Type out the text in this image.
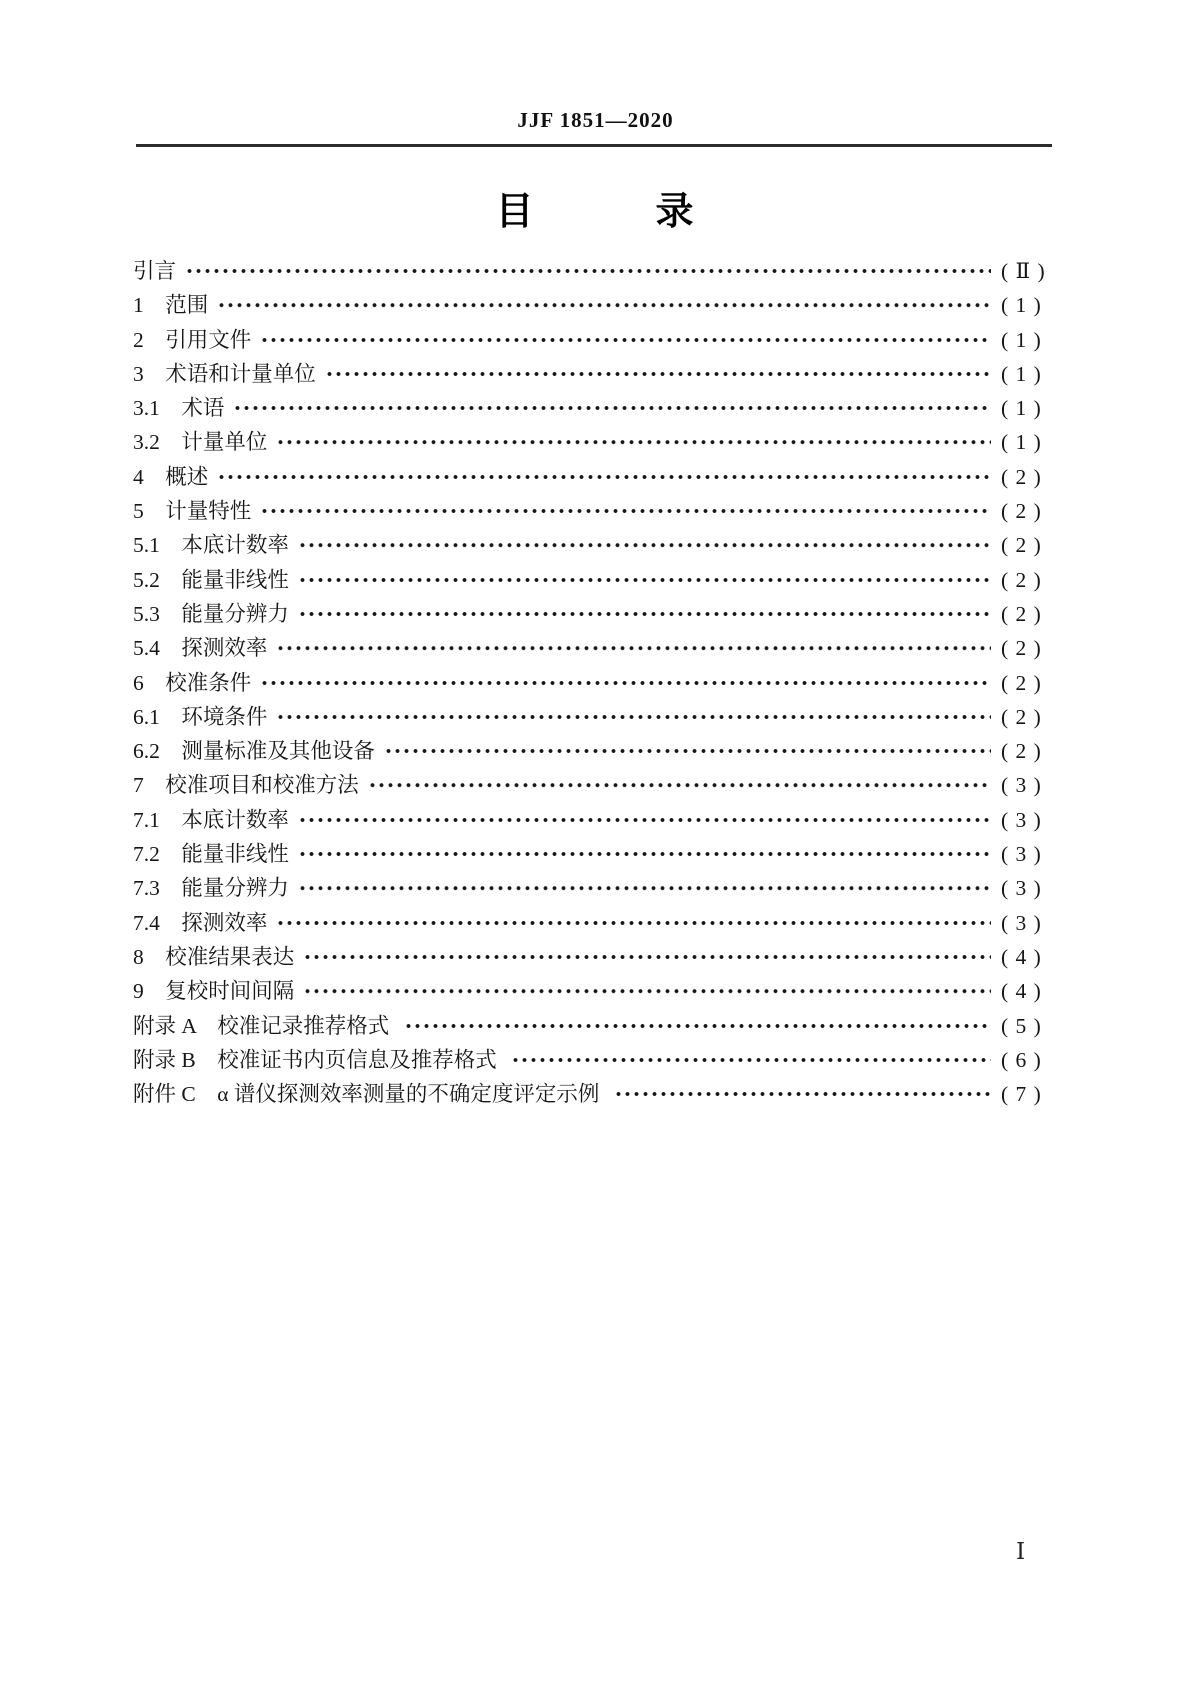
JJF 1851—2020
目　　　录
引言	( Ⅱ )
1　范围	( 1 )
2　引用文件	( 1 )
3　术语和计量单位	( 1 )
3.1　术语	( 1 )
3.2　计量单位	( 1 )
4　概述	( 2 )
5　计量特性	( 2 )
5.1　本底计数率	( 2 )
5.2　能量非线性	( 2 )
5.3　能量分辨力	( 2 )
5.4　探测效率	( 2 )
6　校准条件	( 2 )
6.1　环境条件	( 2 )
6.2　测量标准及其他设备	( 2 )
7　校准项目和校准方法	( 3 )
7.1　本底计数率	( 3 )
7.2　能量非线性	( 3 )
7.3　能量分辨力	( 3 )
7.4　探测效率	( 3 )
8　校准结果表达	( 4 )
9　复校时间间隔	( 4 )
附录 A　校准记录推荐格式	( 5 )
附录 B　校准证书内页信息及推荐格式	( 6 )
附件 C　α 谱仪探测效率测量的不确定度评定示例	( 7 )
Ⅰ
